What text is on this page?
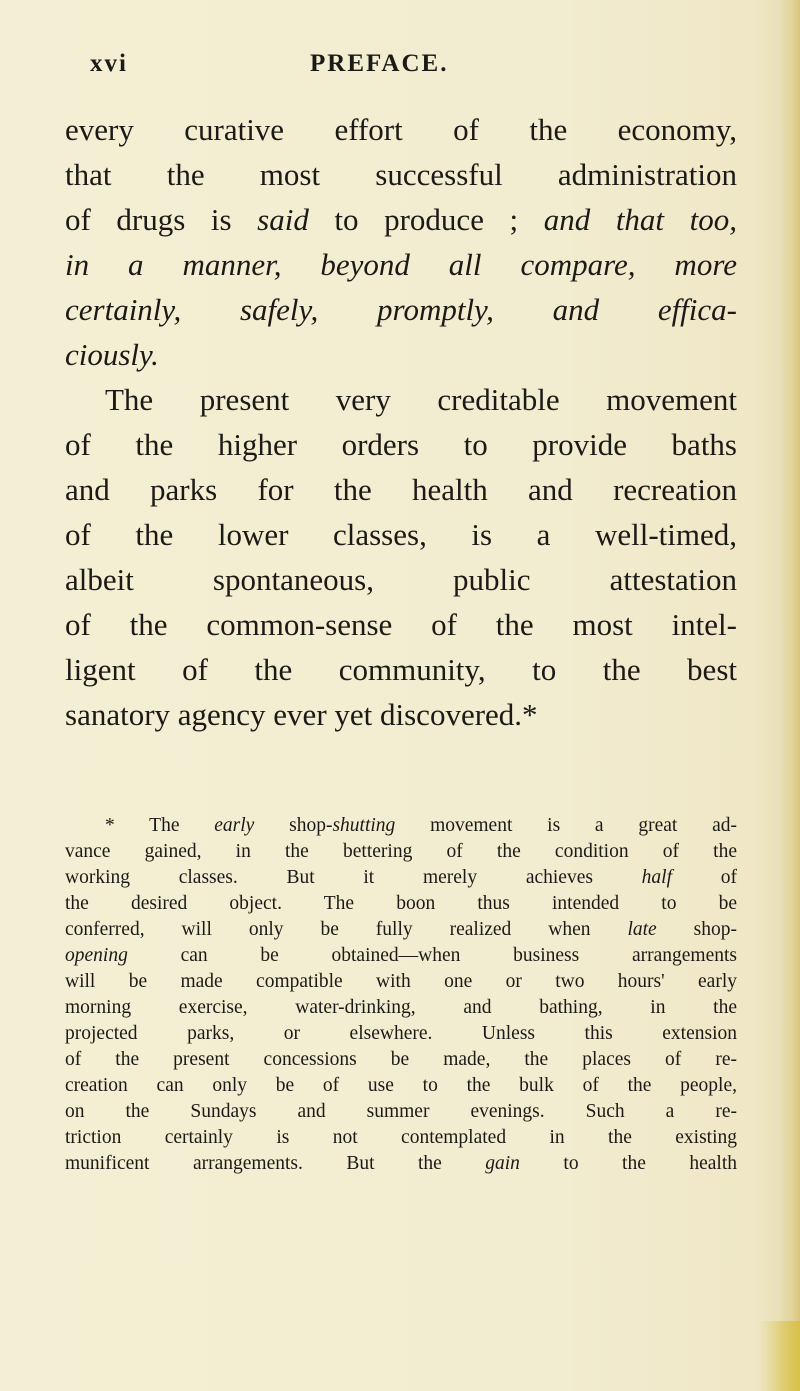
xvi	PREFACE.
every curative effort of the economy,
that the most successful administration
of drugs is said to produce ; and that too,
in a manner, beyond all compare, more
certainly, safely, promptly, and effica-
ciously.
The present very creditable movement
of the higher orders to provide baths
and parks for the health and recreation
of the lower classes, is a well-timed,
albeit spontaneous, public attestation
of the common-sense of the most intel-
ligent of the community, to the best
sanatory agency ever yet discovered.*
* The early shop-shutting movement is a great ad-
vance gained, in the bettering of the condition of the
working classes. But it merely achieves half of
the desired object. The boon thus intended to be
conferred, will only be fully realized when late shop-
opening can be obtained—when business arrangements
will be made compatible with one or two hours' early
morning exercise, water-drinking, and bathing, in the
projected parks, or elsewhere. Unless this extension
of the present concessions be made, the places of re-
creation can only be of use to the bulk of the people,
on the Sundays and summer evenings. Such a re-
triction certainly is not contemplated in the existing
munificent arrangements. But the gain to the health
